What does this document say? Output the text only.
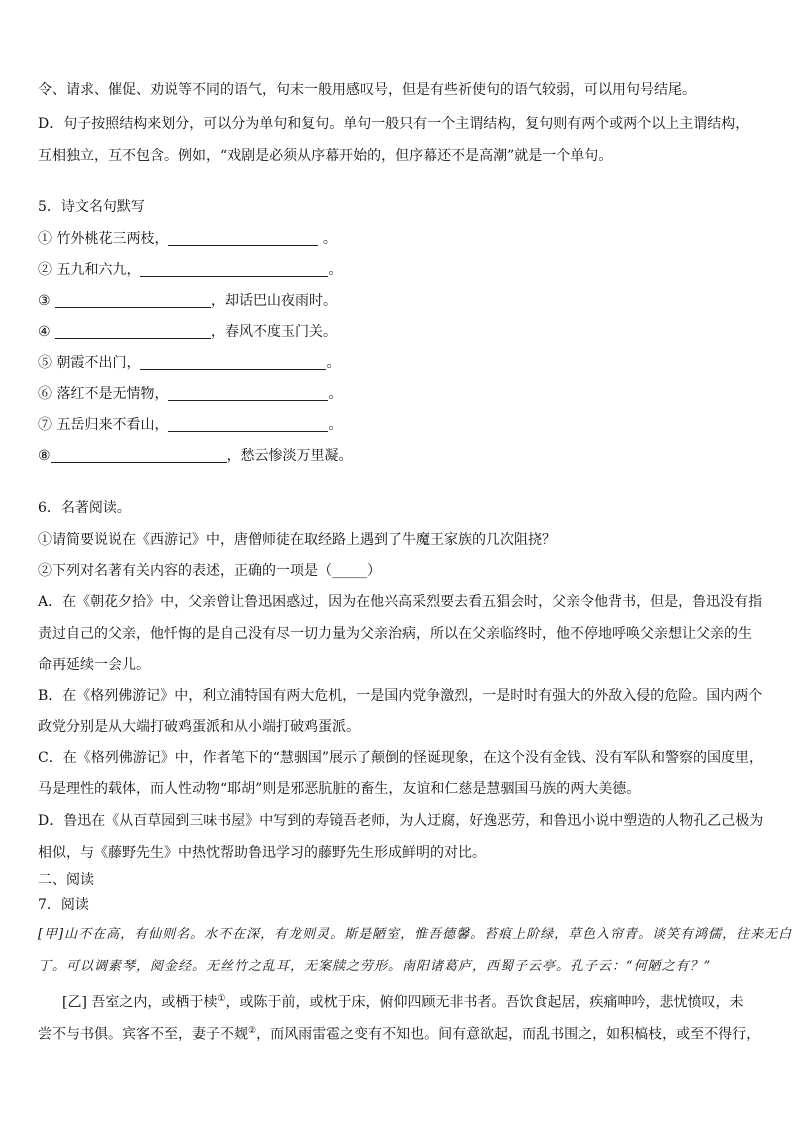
令、请求、催促、劝说等不同的语气，句末一般用感叹号，但是有些祈使句的语气较弱，可以用句号结尾。
D．句子按照结构来划分，可以分为单句和复句。单句一般只有一个主谓结构，复句则有两个或两个以上主谓结构，
互相独立，互不包含。例如，“戏剧是必须从序幕开始的，但序幕还不是高潮”就是一个单句。
5．诗文名句默写
① 竹外桃花三两枝，	。
② 五九和六九，	。
③	，却话巴山夜雨时。
④	，春风不度玉门关。
⑤ 朝霞不出门，	。
⑥ 落红不是无情物，	。
⑦ 五岳归来不看山，	。
⑧	，愁云惨淡万里凝。
6．名著阅读。
①请简要说说在《西游记》中，唐僧师徒在取经路上遇到了牛魔王家族的几次阻挠？
②下列对名著有关内容的表述，正确的一项是（_____）
A．在《朝花夕拾》中，父亲曾让鲁迅困惑过，因为在他兴高采烈要去看五猖会时，父亲令他背书，但是，鲁迅没有指
责过自己的父亲，他忏悔的是自己没有尽一切力量为父亲治病，所以在父亲临终时，他不停地呼唤父亲想让父亲的生
命再延续一会儿。
B．在《格列佛游记》中，利立浦特国有两大危机，一是国内党争激烈，一是时时有强大的外敌入侵的危险。国内两个
政党分别是从大端打破鸡蛋派和从小端打破鸡蛋派。
C．在《格列佛游记》中，作者笔下的“慧骃国”展示了颠倒的怪诞现象，在这个没有金钱、没有军队和警察的国度里，
马是理性的载体，而人性动物“耶胡”则是邪恶肮脏的畜生，友谊和仁慈是慧骃国马族的两大美德。
D．鲁迅在《从百草园到三味书屋》中写到的寿镜吾老师，为人迂腐，好逸恶劳，和鲁迅小说中塑造的人物孔乙己极为
相似，与《藤野先生》中热忱帮助鲁迅学习的藤野先生形成鲜明的对比。
二、阅读
7．阅读
[甲]山不在高，有仙则名。水不在深，有龙则灵。斯是陋室，惟吾德馨。苔痕上阶绿，草色入帘青。谈笑有鸿儒，往来无白
丁。可以调素琴，阅金经。无丝竹之乱耳，无案牍之劳形。南阳诸葛庐，西蜀子云亭。孔子云：“何陋之有？”
[乙] 吾室之内，或栖于椟①，或陈于前，或枕于床，俯仰四顾无非书者。吾饮食起居，疾痛呻吟，悲忧愤叹，未
尝不与书俱。宾客不至，妻子不觌②，而风雨雷雹之变有不知也。间有意欲起，而乱书围之，如积槁枝，或至不得行，
